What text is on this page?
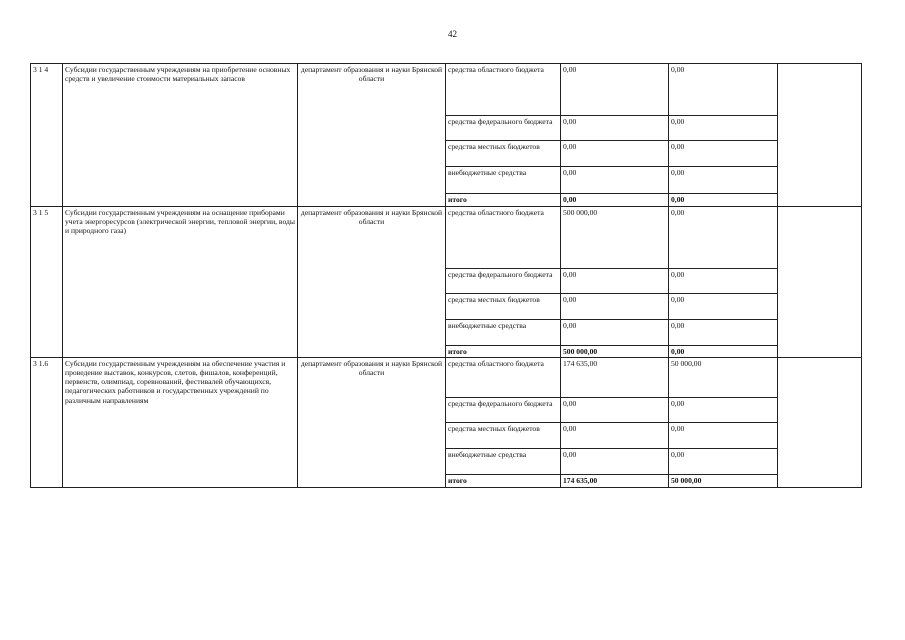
42
3 1 4	Субсидии государственным учреждениям на приобретение основных средств и увеличение стоимости материальных запасов	департамент образования и науки Брянской области	средства областного бюджета	0,00	0,00	
			средства федерального бюджета	0,00	0,00	
			средства местных бюджетов	0,00	0,00	
			внебюджетные средства	0,00	0,00	
			итого	0,00	0,00	
3 1 5	Субсидии государственным учреждениям на оснащение приборами учета энергоресурсов (электрической энергии, тепловой энергии, воды и природного газа)	департамент образования и науки Брянской области	средства областного бюджета	500 000,00	0,00	
			средства федерального бюджета	0,00	0,00	
			средства местных бюджетов	0,00	0,00	
			внебюджетные средства	0,00	0,00	
			итого	500 000,00	0,00	
3 1.6	Субсидии государственным учреждениям на обеспечение участия и проведение выставок, конкурсов, слетов, фишалов, конференций, первенств, олимпиад, соревнований, фестивалей обучающихся, педагогических работников и государственных учреждений по различным направлениям	департамент образования и науки Брянской области	средства областного бюджета	174 635,00	50 000,00	
			средства федерального бюджета	0,00	0,00	
			средства местных бюджетов	0,00	0,00	
			внебюджетные средства	0,00	0,00	
			итого	174 635,00	50 000,00	
